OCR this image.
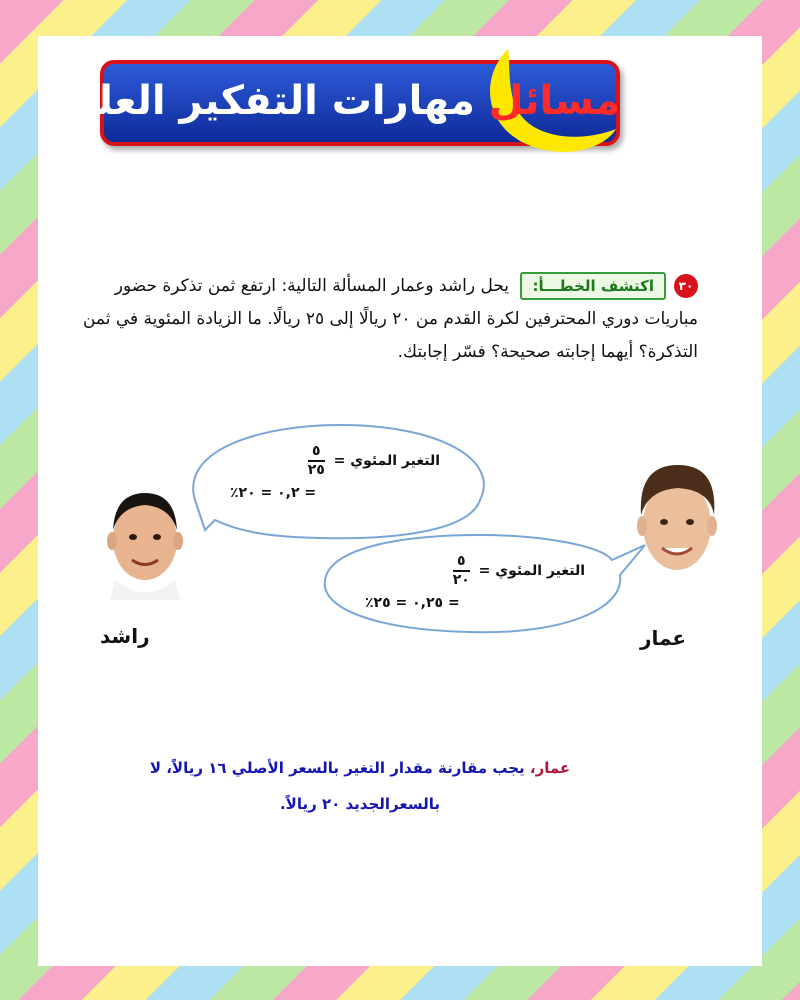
مسائل مهارات التفكير العليا:
٣٠اكتشف الخطـــأ: يحل راشد وعمار المسألة التالية: ارتفع ثمن تذكرة حضور مباريات دوري المحترفين لكرة القدم من ٢٠ ريالًا إلى ٢٥ ريالًا. ما الزيادة المئوية في ثمن التذكرة؟ أيهما إجابته صحيحة؟ فسّر إجابتك.
التغير المئوي =
$\frac{٥}{٢٥}$
= ٠,٢ = ٢٠٪
التغير المئوي =
$\frac{٥}{٢٠}$
= ٠,٢٥ = ٢٥٪
راشد	عمار
عمار، يجب مقارنة مقدار التغير بالسعر الأصلي ١٦ ريالاً، لا
بالسعرالجديد ٢٠ ريالاً.
